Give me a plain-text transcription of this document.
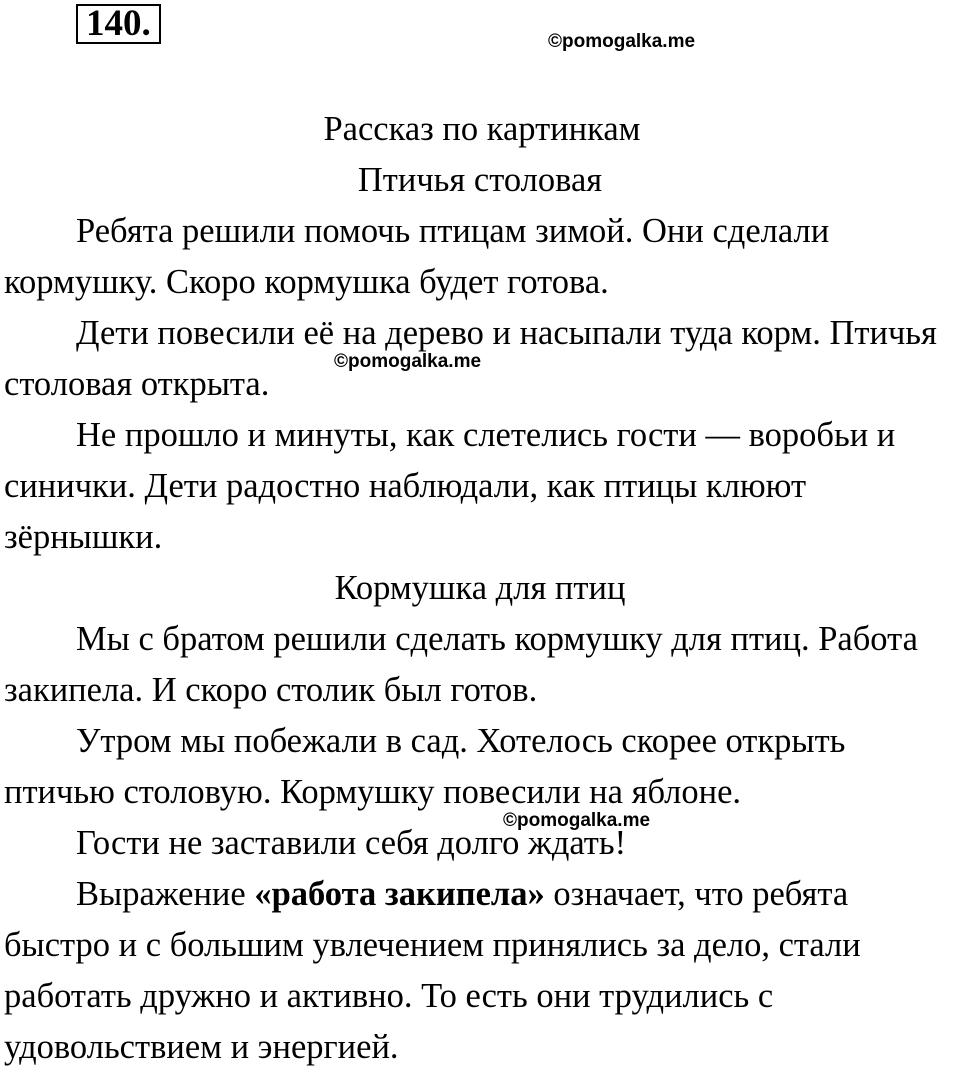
140 .	©pomogalka.me
©pomogalka.me
©pomogalka.me

Рассказ по картинкам

Птичья столовая

Ребята решили помочь птицам зимой. Они сделали кормушку. Скоро кормушка будет готова.

Дети повесили её на дерево и насыпали туда корм. Птичья столовая открыта.

Не прошло и минуты, как слетелись гости — воробьи и синички. Дети радостно наблюдали, как птицы клюют зёрнышки.

Кормушка для птиц

Мы с братом решили сделать кормушку для птиц. Работа закипела. И скоро столик был готов.

Утром мы побежали в сад. Хотелось скорее открыть птичью столовую. Кормушку повесили на яблоне.

Гости не заставили себя долго ждать!

Выражение «работа закипела» означает, что ребята быстро и с большим увлечением принялись за дело, стали работать дружно и активно. То есть они трудились с удовольствием и энергией.
